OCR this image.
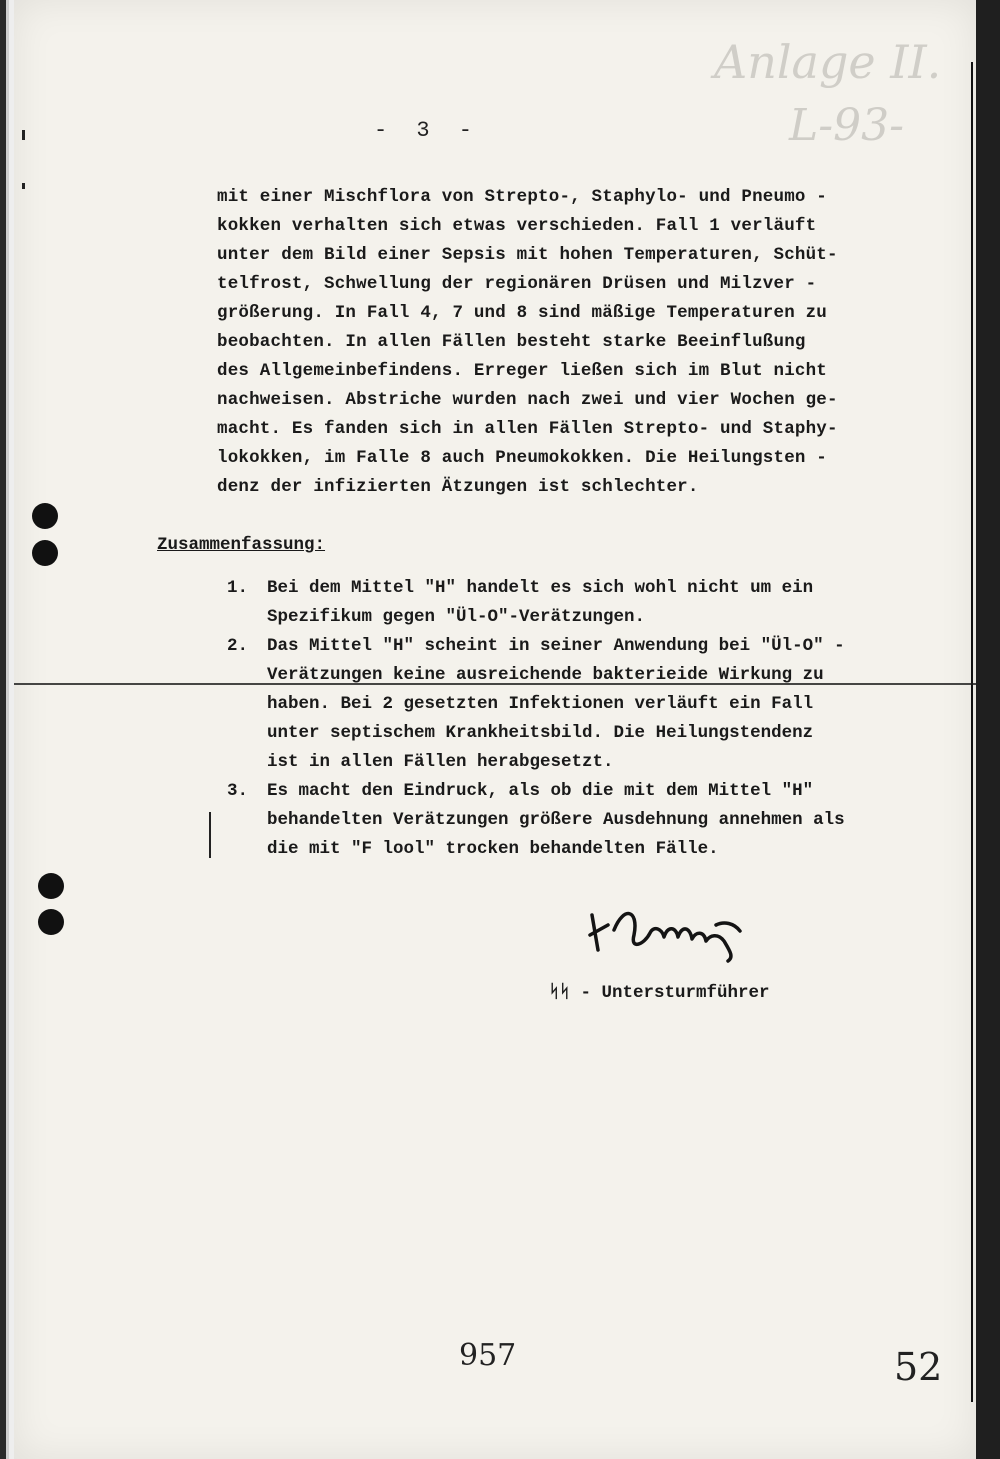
Anlage II.
L-93-
- 3 -
mit einer Mischflora von Strepto-, Staphylo- und Pneumo -
kokken verhalten sich etwas verschieden. Fall 1 verläuft
unter dem Bild einer Sepsis mit hohen Temperaturen, Schüt-
telfrost, Schwellung der regionären Drüsen und Milzver -
größerung. In Fall 4, 7 und 8 sind mäßige Temperaturen zu
beobachten. In allen Fällen besteht starke Beeinflußung
des Allgemeinbefindens. Erreger ließen sich im Blut nicht
nachweisen. Abstriche wurden nach zwei und vier Wochen ge-
macht. Es fanden sich in allen Fällen Strepto- und Staphy-
lokokken, im Falle 8 auch Pneumokokken. Die Heilungsten -
denz der infizierten Ätzungen ist schlechter.
Zusammenfassung:
1. Bei dem Mittel "H" handelt es sich wohl nicht um ein
Spezifikum gegen "Ül-O"-Verätzungen.
2. Das Mittel "H" scheint in seiner Anwendung bei "Ül-O" -
Verätzungen keine ausreichende bakterieide Wirkung zu
haben. Bei 2 gesetzten Infektionen verläuft ein Fall
unter septischem Krankheitsbild. Die Heilungstendenz
ist in allen Fällen herabgesetzt.
3. Es macht den Eindruck, als ob die mit dem Mittel "H"
behandelten Verätzungen größere Ausdehnung annehmen als
die mit "F lool" trocken behandelten Fälle.
ᛋᛋ - Untersturmführer
957	52
